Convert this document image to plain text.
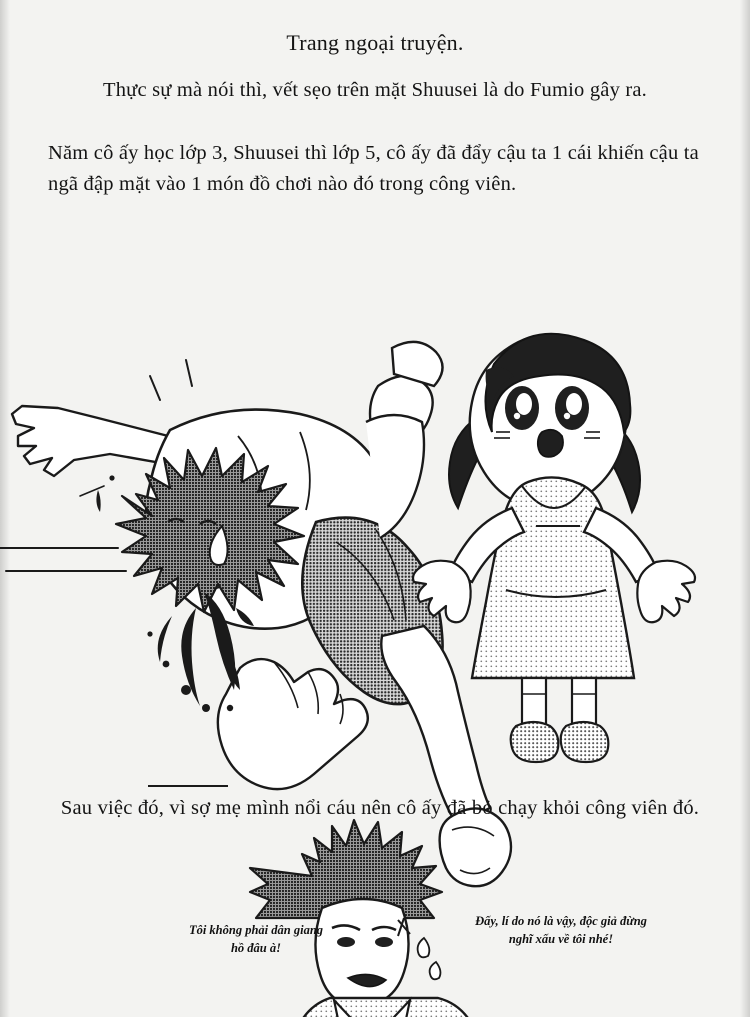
Trang ngoại truyện.
Thực sự mà nói thì, vết sẹo trên mặt Shuusei là do Fumio gây ra.
Năm cô ấy học lớp 3, Shuusei thì lớp 5, cô ấy đã đẩy cậu ta 1 cái khiến cậu ta ngã đập mặt vào 1 món đồ chơi nào đó trong công viên.
Sau việc đó, vì sợ mẹ mình nổi cáu nên cô ấy đã bỏ chạy khỏi công viên đó.
Tôi không phải dân giang hồ đâu à!
Đấy, lí do nó là vậy, độc giả đừng nghĩ xấu về tôi nhé!
